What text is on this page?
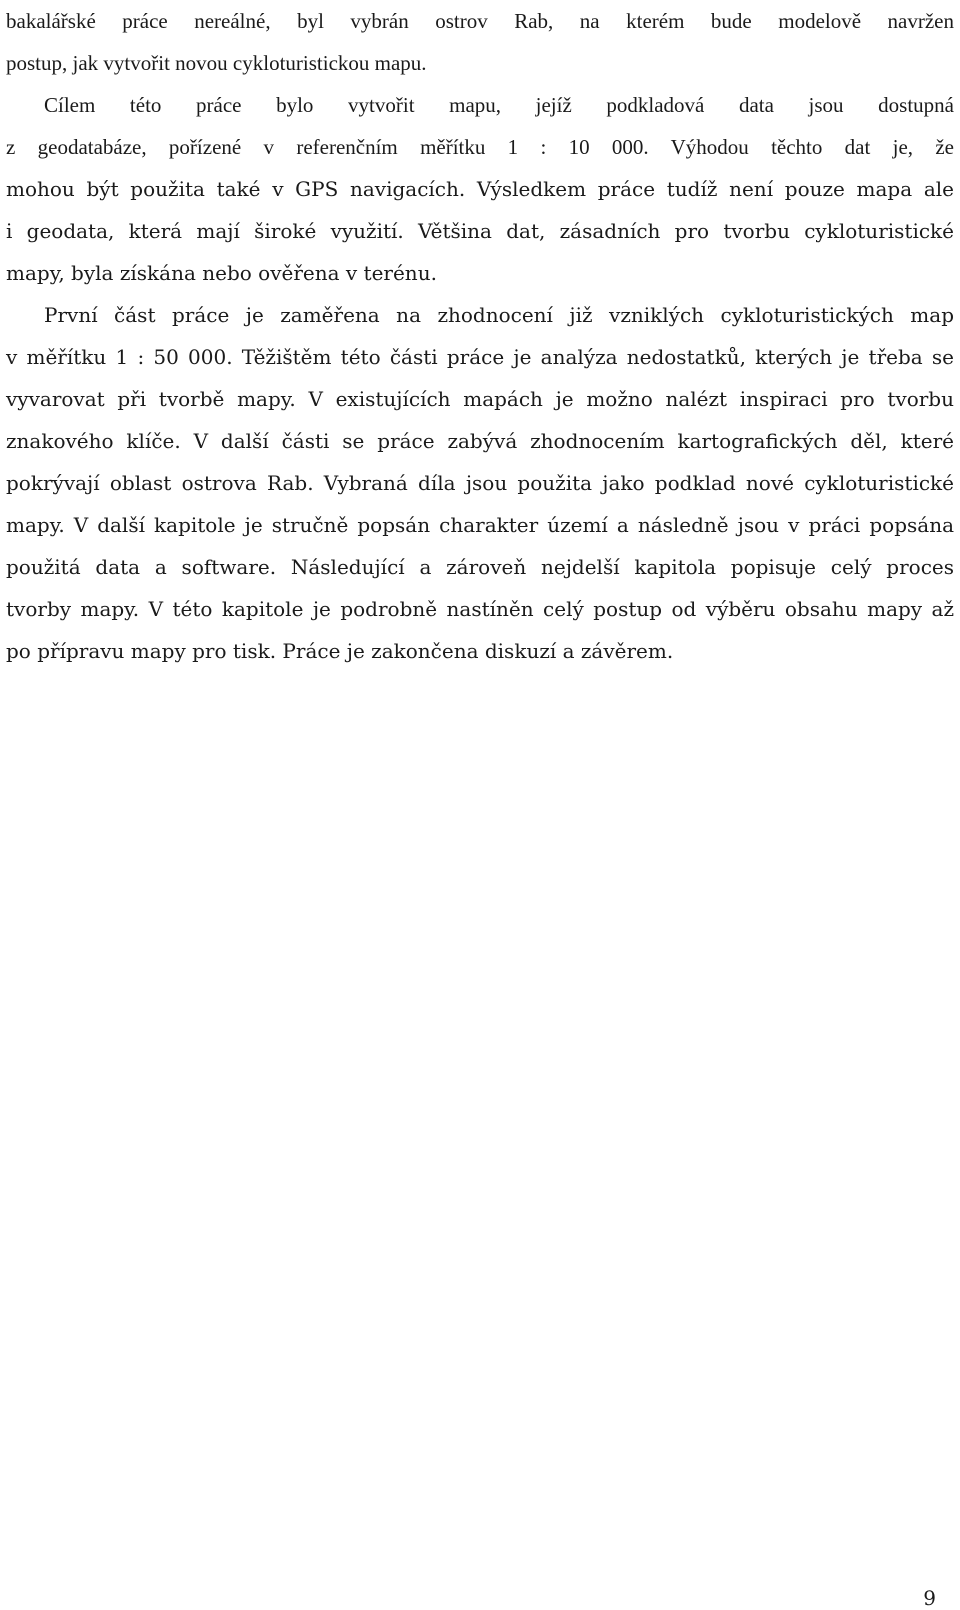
bakalářské práce nereálné, byl vybrán ostrov Rab, na kterém bude modelově navržen
postup, jak vytvořit novou cykloturistickou mapu.
Cílem této práce bylo vytvořit mapu, jejíž podkladová data jsou dostupná
z geodatabáze, pořízené v referenčním měřítku 1 : 10 000. Výhodou těchto dat je, že
mohou být použita také v GPS navigacích. Výsledkem práce tudíž není pouze mapa ale
i geodata, která mají široké využití. Většina dat, zásadních pro tvorbu cykloturistické
mapy, byla získána nebo ověřena v terénu.
První část práce je zaměřena na zhodnocení již vzniklých cykloturistických map
v měřítku 1 : 50 000. Těžištěm této části práce je analýza nedostatků, kterých je třeba se
vyvarovat při tvorbě mapy. V existujících mapách je možno nalézt inspiraci pro tvorbu
znakového klíče. V další části se práce zabývá zhodnocením kartografických děl, které
pokrývají oblast ostrova Rab. Vybraná díla jsou použita jako podklad nové cykloturistické
mapy. V další kapitole je stručně popsán charakter území a následně jsou v práci popsána
použitá data a software. Následující a zároveň nejdelší kapitola popisuje celý proces
tvorby mapy. V této kapitole je podrobně nastíněn celý postup od výběru obsahu mapy až
po přípravu mapy pro tisk. Práce je zakončena diskuzí a závěrem.
9
